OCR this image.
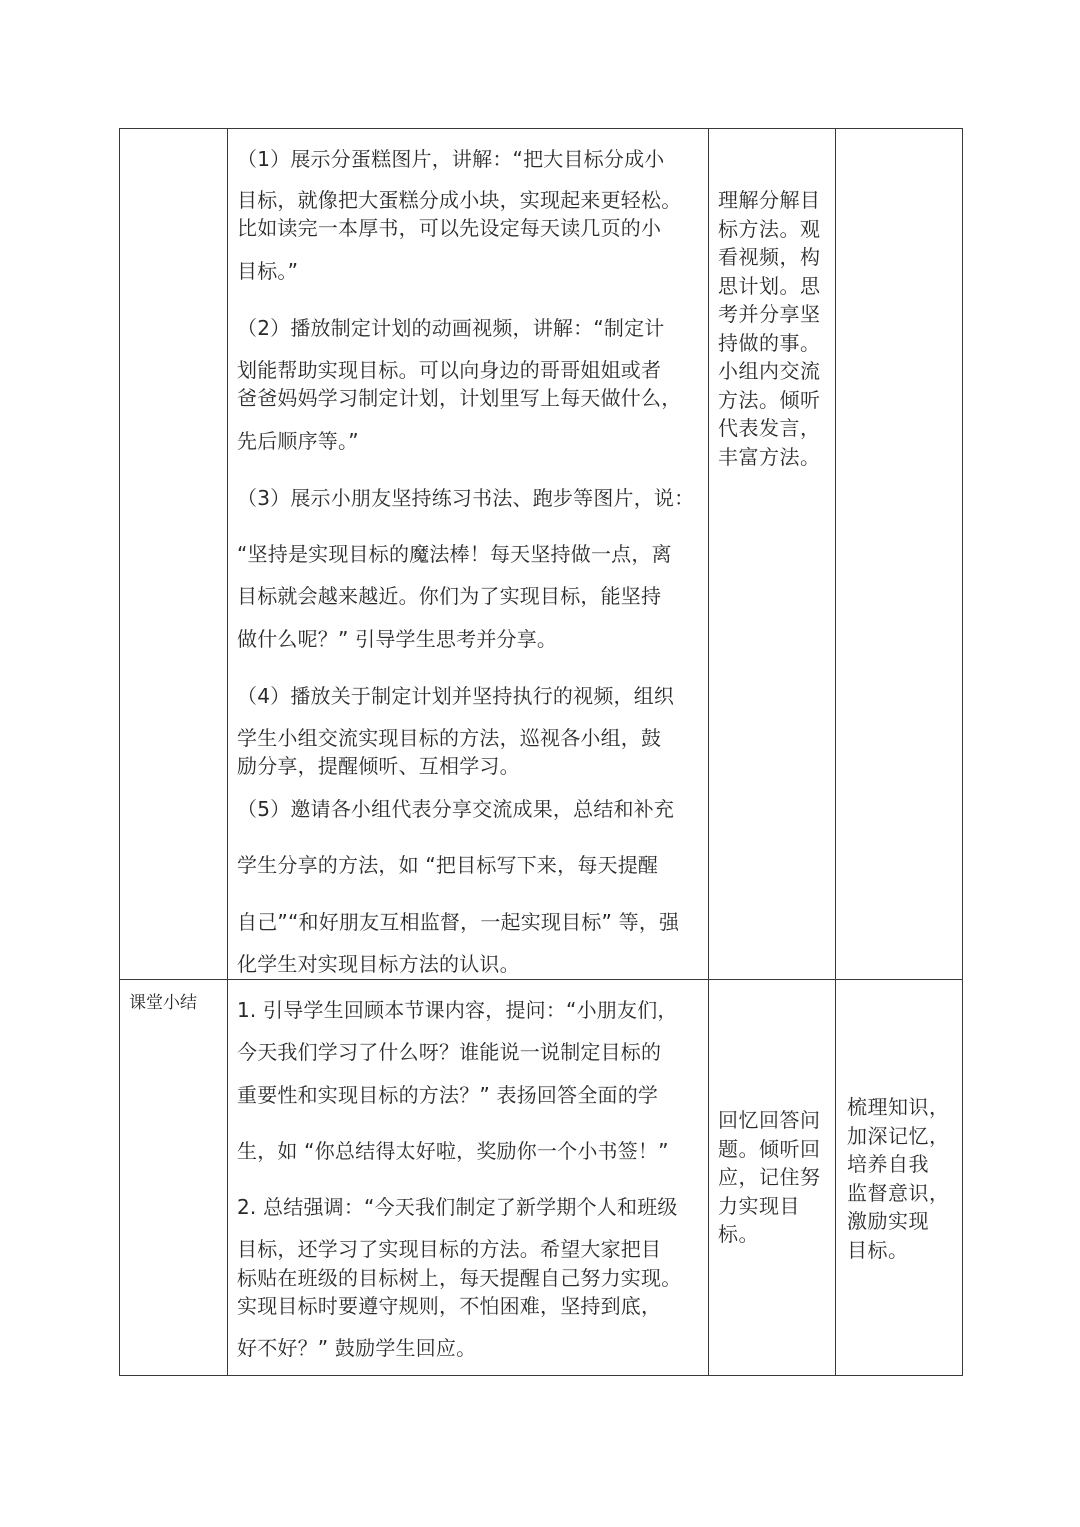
（1）展示分蛋糕图片，讲解：“把大目标分成小

目标，就像把大蛋糕分成小块，实现起来更轻松。

比如读完一本厚书，可以先设定每天读几页的小

目标。”

（2）播放制定计划的动画视频，讲解：“制定计

划能帮助实现目标。可以向身边的哥哥姐姐或者

爸爸妈妈学习制定计划，计划里写上每天做什么，

先后顺序等。”

（3）展示小朋友坚持练习书法、跑步等图片，说：

“坚持是实现目标的魔法棒！每天坚持做一点，离

目标就会越来越近。你们为了实现目标，能坚持

做什么呢？” 引导学生思考并分享。

（4）播放关于制定计划并坚持执行的视频，组织

学生小组交流实现目标的方法，巡视各小组，鼓

励分享，提醒倾听、互相学习。

（5）邀请各小组代表分享交流成果，总结和补充

学生分享的方法，如 “把目标写下来，每天提醒

自己”“和好朋友互相监督，一起实现目标” 等，强

化学生对实现目标方法的认识。

理解分解目
标方法。观
看视频，构
思计划。思
考并分享坚
持做的事。
小组内交流
方法。倾听
代表发言，
丰富方法。
课堂小结 1. 引导学生回顾本节课内容，提问：“小朋友们，

今天我们学习了什么呀？谁能说一说制定目标的

重要性和实现目标的方法？” 表扬回答全面的学

生，如 “你总结得太好啦，奖励你一个小书签！”

2. 总结强调：“今天我们制定了新学期个人和班级

目标，还学习了实现目标的方法。希望大家把目

标贴在班级的目标树上，每天提醒自己努力实现。

实现目标时要遵守规则，不怕困难，坚持到底，

好不好？” 鼓励学生回应。

回忆回答问
题。倾听回
应，记住努
力实现目
标。
梳理知识，
加深记忆，
培养自我
监督意识，
激励实现
目标。
